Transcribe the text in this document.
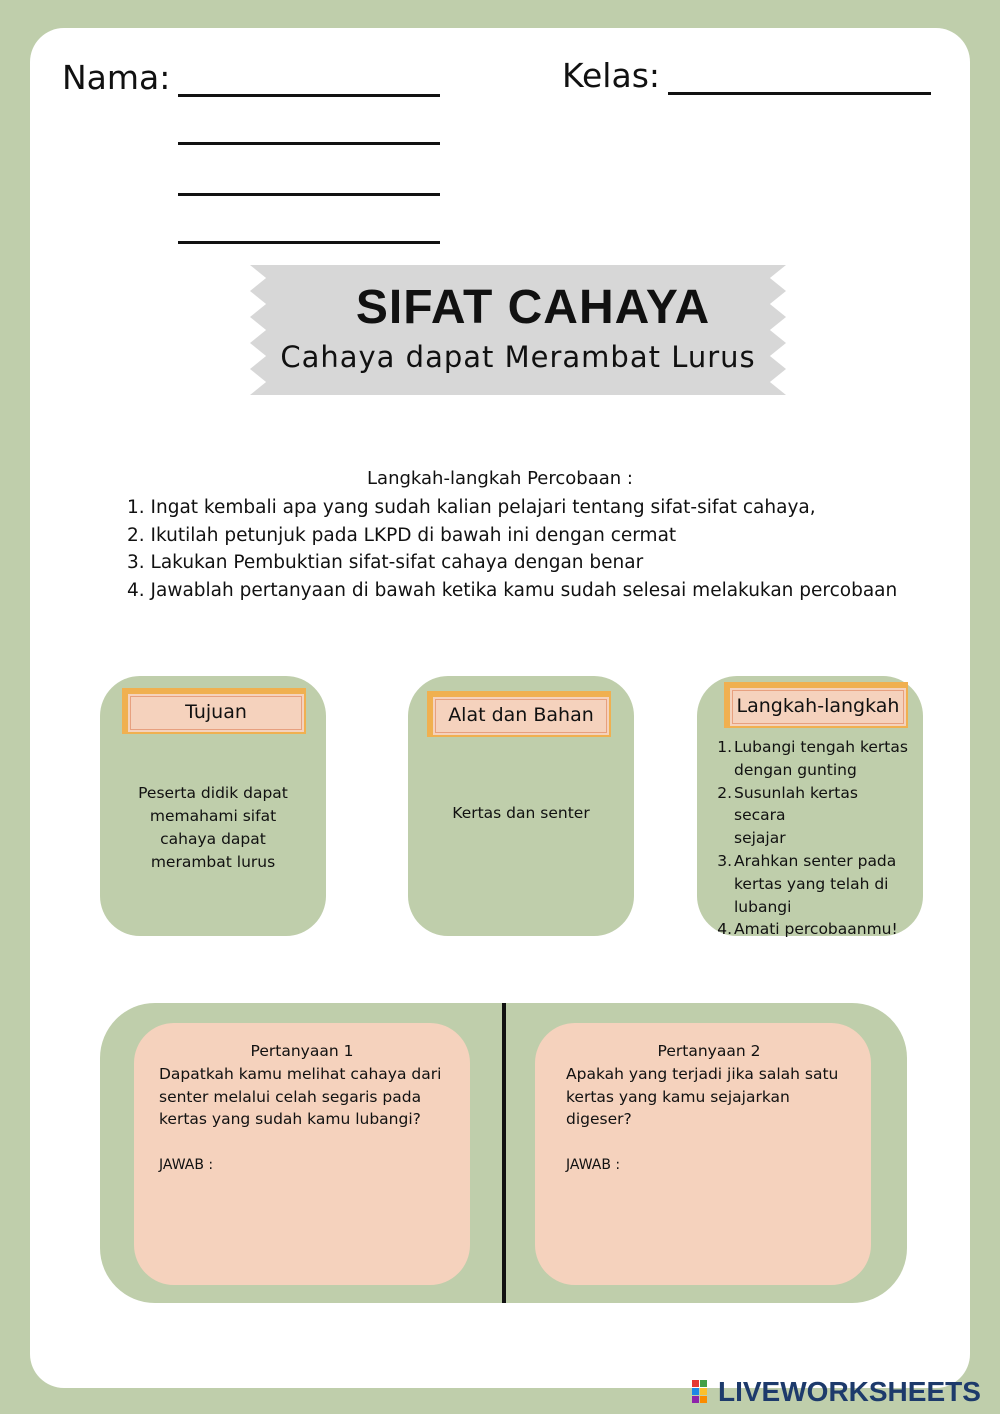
Nama:	Kelas:
SIFAT CAHAYA
Cahaya dapat Merambat Lurus
Langkah-langkah Percobaan :
1. Ingat kembali apa yang sudah kalian pelajari tentang sifat-sifat cahaya,
2. Ikutilah petunjuk pada LKPD di bawah ini dengan cermat
3. Lakukan Pembuktian sifat-sifat cahaya dengan benar
4. Jawablah pertanyaan di bawah ketika kamu sudah selesai melakukan percobaan
Tujuan
Peserta didik dapat
memahami sifat
cahaya dapat
merambat lurus
Alat dan Bahan
Kertas dan senter
Langkah-langkah
1. Lubangi tengah kertas
dengan gunting
2. Susunlah kertas secara
sejajar
3. Arahkan senter pada
kertas yang telah di
lubangi
4. Amati percobaanmu!
Pertanyaan 1
Dapatkah kamu melihat cahaya dari
senter melalui celah segaris pada
kertas yang sudah kamu lubangi?
JAWAB :
Pertanyaan 2
Apakah yang terjadi jika salah satu
kertas yang kamu sejajarkan
digeser?
JAWAB :
LIVEWORKSHEETS
